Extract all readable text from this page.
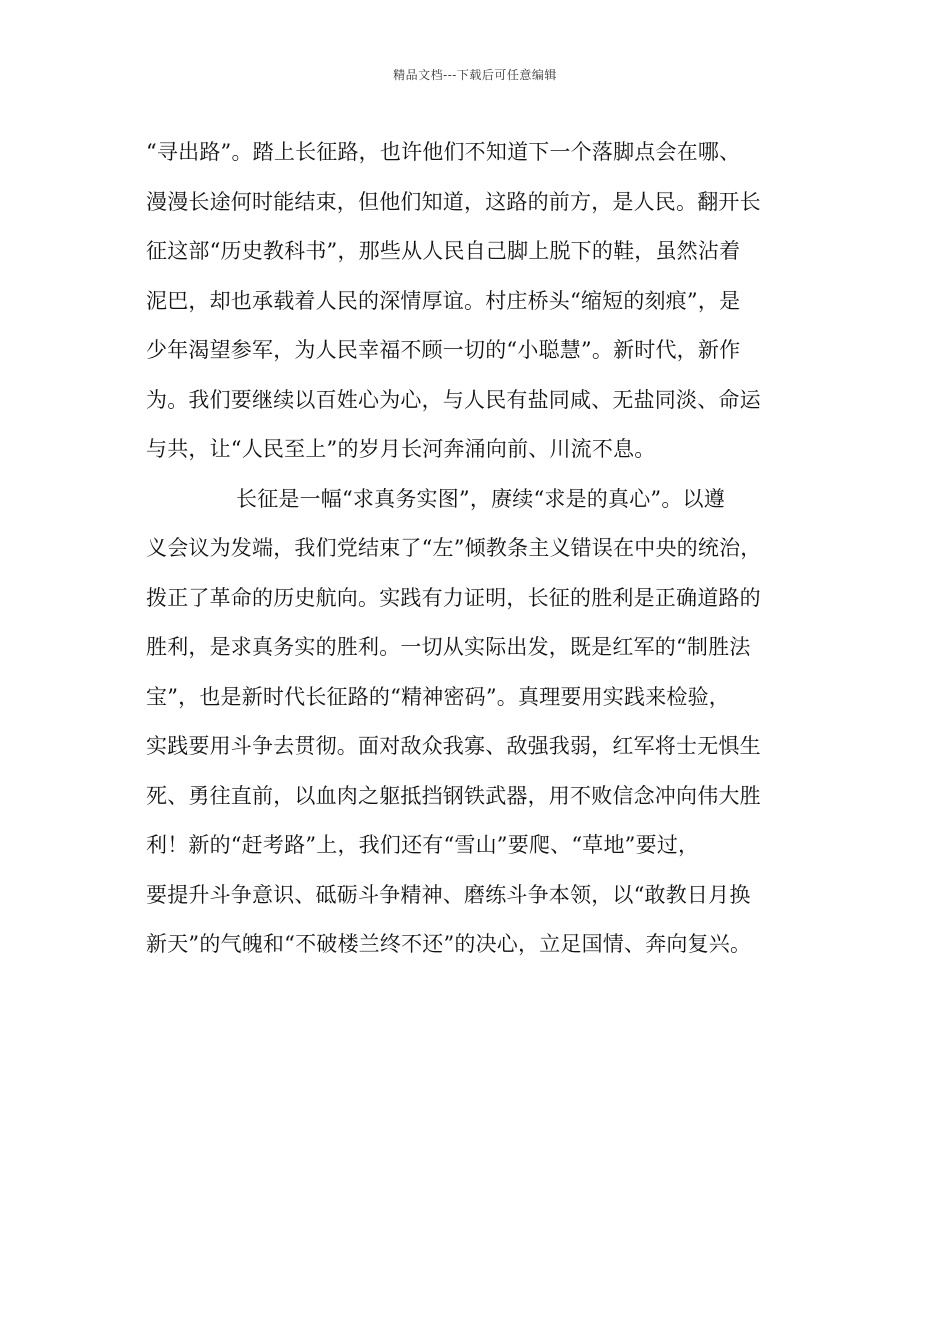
精品文档---下载后可任意编辑
“寻出路”。踏上长征路，也许他们不知道下一个落脚点会在哪、
漫漫长途何时能结束，但他们知道，这路的前方，是人民。翻开长
征这部“历史教科书”，那些从人民自己脚上脱下的鞋，虽然沾着
泥巴，却也承载着人民的深情厚谊。村庄桥头“缩短的刻痕”，是
少年渴望参军，为人民幸福不顾一切的“小聪慧”。新时代，新作
为。我们要继续以百姓心为心，与人民有盐同咸、无盐同淡、命运
与共，让“人民至上”的岁月长河奔涌向前、川流不息。
长征是一幅“求真务实图”，赓续“求是的真心”。以遵
义会议为发端，我们党结束了“左”倾教条主义错误在中央的统治，
拨正了革命的历史航向。实践有力证明，长征的胜利是正确道路的
胜利，是求真务实的胜利。一切从实际出发，既是红军的“制胜法
宝”，也是新时代长征路的“精神密码”。真理要用实践来检验，
实践要用斗争去贯彻。面对敌众我寡、敌强我弱，红军将士无惧生
死、勇往直前，以血肉之躯抵挡钢铁武器，用不败信念冲向伟大胜
利！新的“赶考路”上，我们还有“雪山”要爬、“草地”要过，
要提升斗争意识、砥砺斗争精神、磨练斗争本领，以“敢教日月换
新天”的气魄和“不破楼兰终不还”的决心，立足国情、奔向复兴。
